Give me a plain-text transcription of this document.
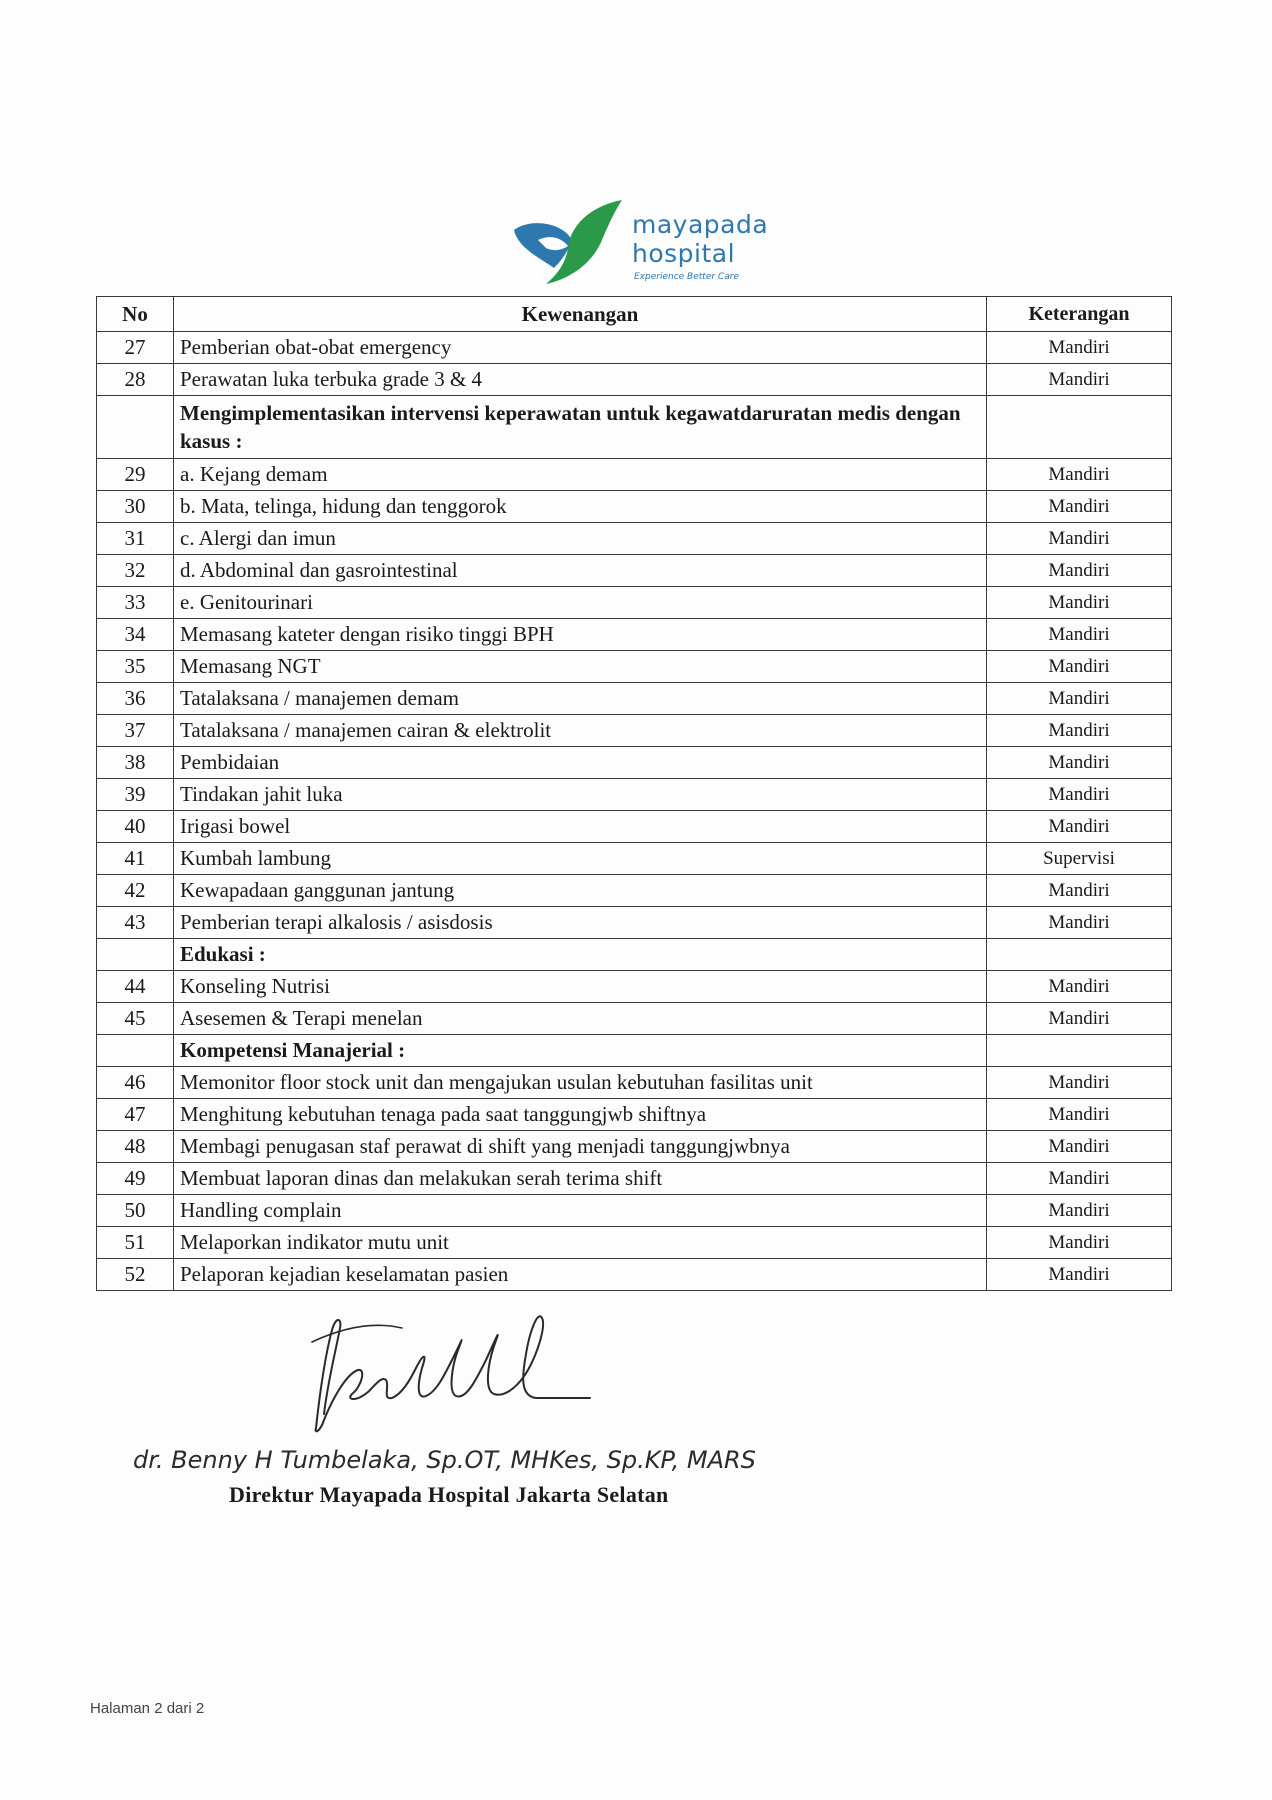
mayapada
hospital
Experience Better Care
No	Kewenangan	Keterangan
27	Pemberian obat-obat emergency	Mandiri
28	Perawatan luka terbuka grade 3 & 4	Mandiri
	Mengimplementasikan intervensi keperawatan untuk kegawatdaruratan medis dengan kasus :	
29	a. Kejang demam	Mandiri
30	b. Mata, telinga, hidung dan tenggorok	Mandiri
31	c. Alergi dan imun	Mandiri
32	d. Abdominal dan gasrointestinal	Mandiri
33	e. Genitourinari	Mandiri
34	Memasang kateter dengan risiko tinggi BPH	Mandiri
35	Memasang NGT	Mandiri
36	Tatalaksana / manajemen demam	Mandiri
37	Tatalaksana / manajemen cairan & elektrolit	Mandiri
38	Pembidaian	Mandiri
39	Tindakan jahit luka	Mandiri
40	Irigasi bowel	Mandiri
41	Kumbah lambung	Supervisi
42	Kewapadaan ganggunan jantung	Mandiri
43	Pemberian terapi alkalosis / asisdosis	Mandiri
	Edukasi :	
44	Konseling Nutrisi	Mandiri
45	Asesemen & Terapi menelan	Mandiri
	Kompetensi Manajerial :	
46	Memonitor floor stock unit dan mengajukan usulan kebutuhan fasilitas unit	Mandiri
47	Menghitung kebutuhan tenaga pada saat tanggungjwb shiftnya	Mandiri
48	Membagi penugasan staf perawat di shift yang menjadi tanggungjwbnya	Mandiri
49	Membuat laporan dinas dan melakukan serah terima shift	Mandiri
50	Handling complain	Mandiri
51	Melaporkan indikator mutu unit	Mandiri
52	Pelaporan kejadian keselamatan pasien	Mandiri
dr. Benny H Tumbelaka, Sp.OT, MHKes, Sp.KP, MARS
Direktur Mayapada Hospital Jakarta Selatan
Halaman 2 dari 2
